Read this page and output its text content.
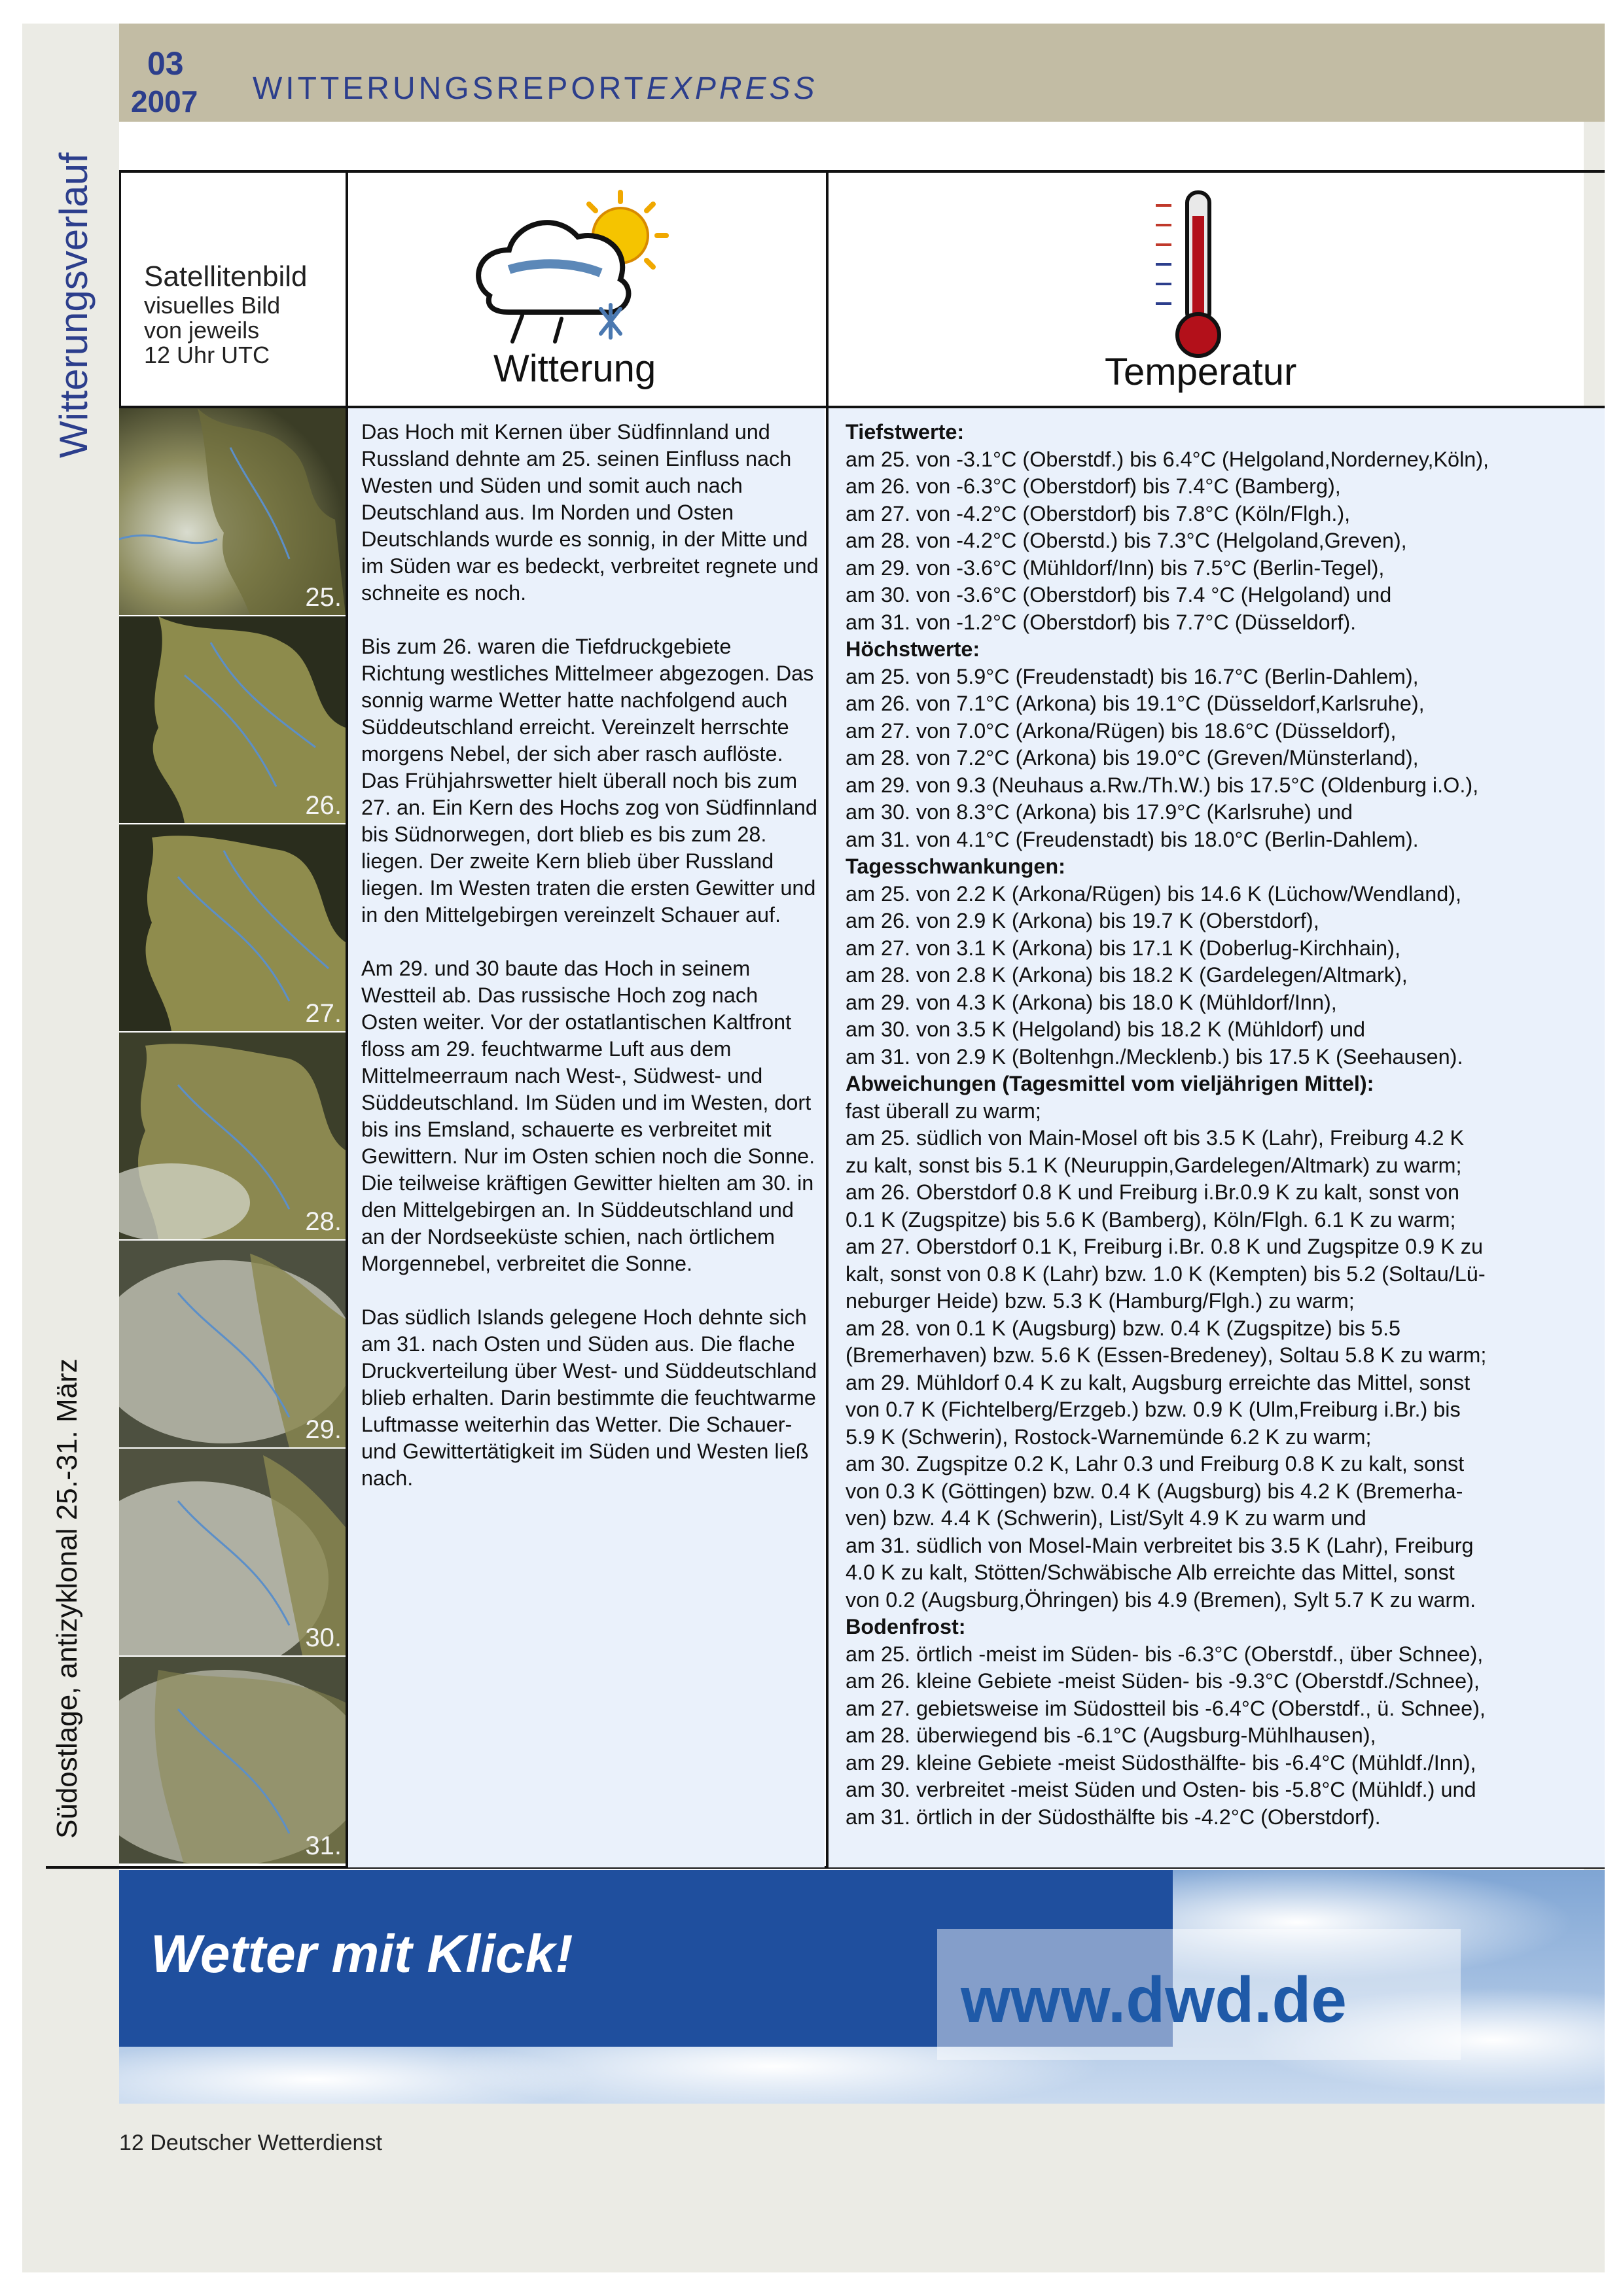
03
2007 WITTERUNGSREPORTEXPRESS
Witterungsverlauf
Südostlage, antizyklonal 25.-31. März
Satellitenbild
visuelles Bild
von jeweils
12 Uhr UTC	Witterung	Temperatur
25.
26.
27.
28.
29.
30.
31.

Das Hoch mit Kernen über Südfinnland und Russland dehnte am 25. seinen Einfluss nach Westen und Süden und somit auch nach Deutschland aus. Im Norden und Osten Deutschlands wurde es sonnig, in der Mitte und im Süden war es bedeckt, verbreitet regnete und schneite es noch.

Bis zum 26. waren die Tiefdruckgebiete Richtung westliches Mittelmeer abgezogen. Das sonnig warme Wetter hatte nachfolgend auch Süddeutschland erreicht. Vereinzelt herrschte morgens Nebel, der sich aber rasch auflöste. Das Frühjahrswetter hielt überall noch bis zum 27. an. Ein Kern des Hochs zog von Südfinnland bis Südnorwegen, dort blieb es bis zum 28. liegen. Der zweite Kern blieb über Russland liegen. Im Westen traten die ersten Gewitter und in den Mittelgebirgen vereinzelt Schauer auf.

Am 29. und 30 baute das Hoch in seinem Westteil ab. Das russische Hoch zog nach Osten weiter. Vor der ostatlantischen Kaltfront floss am 29. feuchtwarme Luft aus dem Mittelmeerraum nach West-, Südwest- und Süddeutschland. Im Süden und im Westen, dort bis ins Emsland, schauerte es verbreitet mit Gewittern. Nur im Osten schien noch die Sonne. Die teilweise kräftigen Gewitter hielten am 30. in den Mittelgebirgen an. In Süddeutschland und an der Nordseeküste schien, nach örtlichem Morgennebel, verbreitet die Sonne.

Das südlich Islands gelegene Hoch dehnte sich am 31. nach Osten und Süden aus. Die flache Druckverteilung über West- und Süddeutschland blieb erhalten. Darin bestimmte die feuchtwarme Luftmasse weiterhin das Wetter. Die Schauer- und Gewittertätigkeit im Süden und Westen ließ nach.

Tiefstwerte:
am 25. von -3.1°C (Oberstdf.) bis 6.4°C (Helgoland,Norderney,Köln),
am 26. von -6.3°C (Oberstdorf) bis 7.4°C (Bamberg),
am 27. von -4.2°C (Oberstdorf) bis 7.8°C (Köln/Flgh.),
am 28. von -4.2°C (Oberstd.) bis 7.3°C (Helgoland,Greven),
am 29. von -3.6°C (Mühldorf/Inn) bis 7.5°C (Berlin-Tegel),
am 30. von -3.6°C (Oberstdorf) bis 7.4 °C (Helgoland) und
am 31. von -1.2°C (Oberstdorf) bis 7.7°C (Düsseldorf).
Höchstwerte:
am 25. von 5.9°C (Freudenstadt) bis 16.7°C (Berlin-Dahlem),
am 26. von 7.1°C (Arkona) bis 19.1°C (Düsseldorf,Karlsruhe),
am 27. von 7.0°C (Arkona/Rügen) bis 18.6°C (Düsseldorf),
am 28. von 7.2°C (Arkona) bis 19.0°C (Greven/Münsterland),
am 29. von 9.3 (Neuhaus a.Rw./Th.W.) bis 17.5°C (Oldenburg i.O.),
am 30. von 8.3°C (Arkona) bis 17.9°C (Karlsruhe) und
am 31. von 4.1°C (Freudenstadt) bis 18.0°C (Berlin-Dahlem).
Tagesschwankungen:
am 25. von 2.2 K (Arkona/Rügen) bis 14.6 K (Lüchow/Wendland),
am 26. von 2.9 K (Arkona) bis 19.7 K (Oberstdorf),
am 27. von 3.1 K (Arkona) bis 17.1 K (Doberlug-Kirchhain),
am 28. von 2.8 K (Arkona) bis 18.2 K (Gardelegen/Altmark),
am 29. von 4.3 K (Arkona) bis 18.0 K (Mühldorf/Inn),
am 30. von 3.5 K (Helgoland) bis 18.2 K (Mühldorf) und
am 31. von 2.9 K (Boltenhgn./Mecklenb.) bis 17.5 K (Seehausen).
Abweichungen (Tagesmittel vom vieljährigen Mittel):
fast überall zu warm;
am 25. südlich von Main-Mosel oft bis 3.5 K (Lahr), Freiburg 4.2 K
zu kalt, sonst bis 5.1 K (Neuruppin,Gardelegen/Altmark) zu warm;
am 26. Oberstdorf 0.8 K und Freiburg i.Br.0.9 K zu kalt, sonst von
0.1 K (Zugspitze) bis 5.6 K (Bamberg), Köln/Flgh. 6.1 K zu warm;
am 27. Oberstdorf 0.1 K, Freiburg i.Br. 0.8 K und Zugspitze 0.9 K zu
kalt, sonst von 0.8 K (Lahr) bzw. 1.0 K (Kempten) bis 5.2 (Soltau/Lü-
neburger Heide) bzw. 5.3 K (Hamburg/Flgh.) zu warm;
am 28. von 0.1 K (Augsburg) bzw. 0.4 K (Zugspitze) bis 5.5
(Bremerhaven) bzw. 5.6 K (Essen-Bredeney), Soltau 5.8 K zu warm;
am 29. Mühldorf 0.4 K zu kalt, Augsburg erreichte das Mittel, sonst
von 0.7 K (Fichtelberg/Erzgeb.) bzw. 0.9 K (Ulm,Freiburg i.Br.) bis
5.9 K (Schwerin), Rostock-Warnemünde 6.2 K zu warm;
am 30. Zugspitze 0.2 K, Lahr 0.3 und Freiburg 0.8 K zu kalt, sonst
von 0.3 K (Göttingen) bzw. 0.4 K (Augsburg) bis 4.2 K (Bremerha-
ven) bzw. 4.4 K (Schwerin), List/Sylt 4.9 K zu warm und
am 31. südlich von Mosel-Main verbreitet bis 3.5 K (Lahr), Freiburg
4.0 K zu kalt, Stötten/Schwäbische Alb erreichte das Mittel, sonst
von 0.2 (Augsburg,Öhringen) bis 4.9 (Bremen), Sylt 5.7 K zu warm.
Bodenfrost:
am 25. örtlich -meist im Süden- bis -6.3°C (Oberstdf., über Schnee),
am 26. kleine Gebiete -meist Süden- bis -9.3°C (Oberstdf./Schnee),
am 27. gebietsweise im Südostteil bis -6.4°C (Oberstdf., ü. Schnee),
am 28. überwiegend bis -6.1°C (Augsburg-Mühlhausen),
am 29. kleine Gebiete -meist Südosthälfte- bis -6.4°C (Mühldf./Inn),
am 30. verbreitet -meist Süden und Osten- bis -5.8°C (Mühldf.) und
am 31. örtlich in der Südosthälfte bis -4.2°C (Oberstdorf).
Wetter mit Klick!
www.dwd.de
12 Deutscher Wetterdienst
